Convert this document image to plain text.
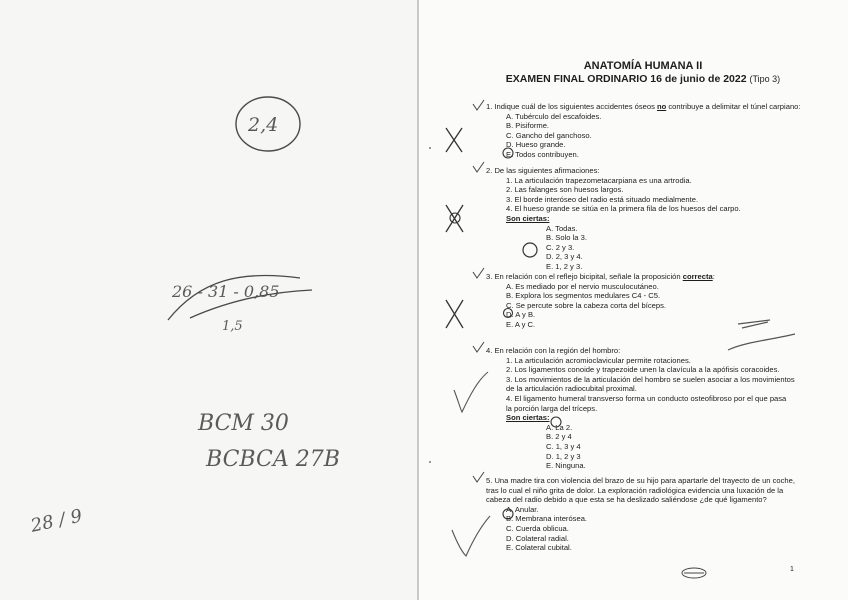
2,4
26 - 31 - 0,85
1,5
BCM 30
BCBCA 27B
28 / 9
ANATOMÍA HUMANA II
EXAMEN FINAL ORDINARIO 16 de junio de 2022 (Tipo 3)
1. Indique cuál de los siguientes accidentes óseos no contribuye a delimitar el túnel carpiano:
A. Tubérculo del escafoides.
B. Pisiforme.
C. Gancho del ganchoso.
D. Hueso grande.
E. Todos contribuyen.
2. De las siguientes afirmaciones:
1. La articulación trapezometacarpiana es una artrodia.
2. Las falanges son huesos largos.
3. El borde interóseo del radio está situado medialmente.
4. El hueso grande se sitúa en la primera fila de los huesos del carpo.
Son ciertas:
A. Todas.
B. Solo la 3.
C. 2 y 3.
D. 2, 3 y 4.
E. 1, 2 y 3.
3. En relación con el reflejo bicipital, señale la proposición correcta:
A. Es mediado por el nervio musculocutáneo.
B. Explora los segmentos medulares C4 - C5.
C. Se percute sobre la cabeza corta del bíceps.
D. A y B.
E. A y C.
4. En relación con la región del hombro:
1. La articulación acromioclavicular permite rotaciones.
2. Los ligamentos conoide y trapezoide unen la clavícula a la apófisis coracoides.
3. Los movimientos de la articulación del hombro se suelen asociar a los movimientos
de la articulación radiocubital proximal.
4. El ligamento humeral transverso forma un conducto osteofibroso por el que pasa
la porción larga del tríceps.
Son ciertas:
A. La 2.
B. 2 y 4
C. 1, 3 y 4
D. 1, 2 y 3
E. Ninguna.
5. Una madre tira con violencia del brazo de su hijo para apartarle del trayecto de un coche,
tras lo cual el niño grita de dolor. La exploración radiológica evidencia una luxación de la
cabeza del radio debido a que esta se ha deslizado saliéndose ¿de qué ligamento?
A. Anular.
B. Membrana interósea.
C. Cuerda oblicua.
D. Colateral radial.
E. Colateral cubital.
1
